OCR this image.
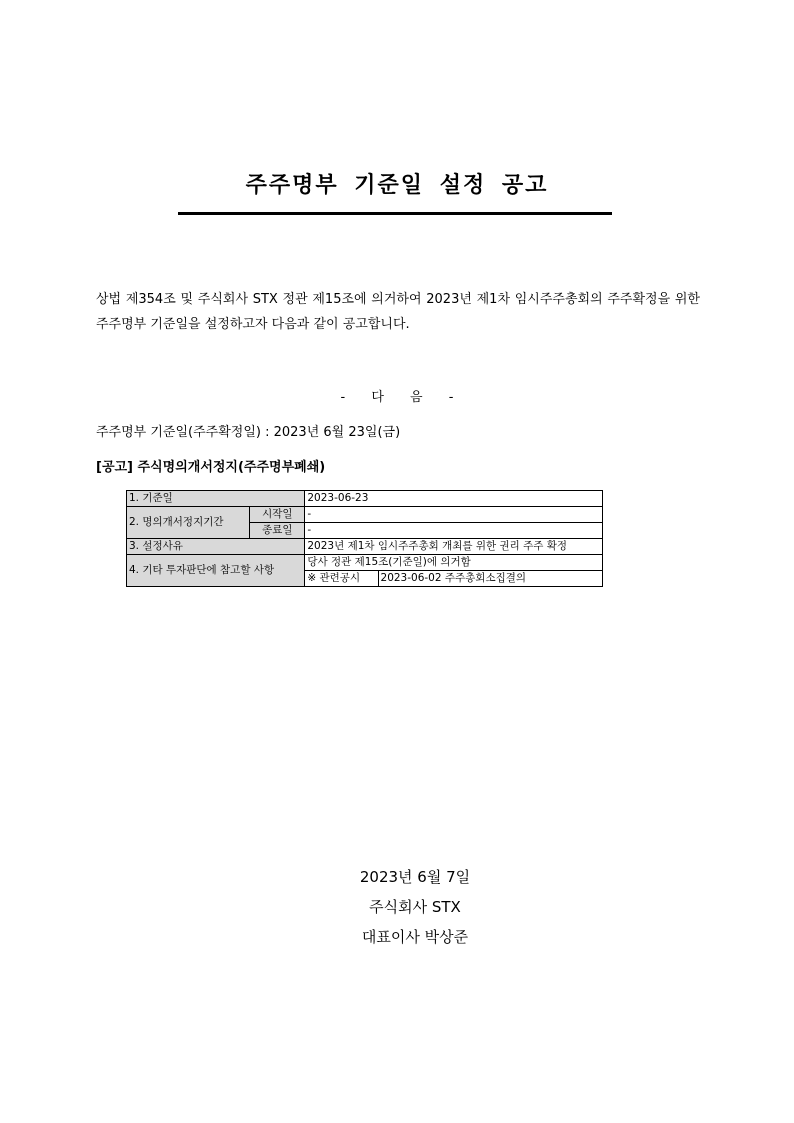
주주명부 기준일 설정 공고
상법 제354조 및 주식회사 STX 정관 제15조에 의거하여 2023년 제1차 임시주주총회의 주주확정을 위한 주주명부 기준일을 설정하고자 다음과 같이 공고합니다.
- 다 음 -
주주명부 기준일(주주확정일) : 2023년 6월 23일(금)
[공고] 주식명의개서정지(주주명부폐쇄)
1. 기준일		2023-06-23	
2. 명의개서정지기간	시작일	-	
	종료일	-	
3. 설정사유		2023년 제1차 임시주주총회 개최를 위한 권리 주주 확정	
4. 기타 투자판단에 참고할 사항		당사 정관 제15조(기준일)에 의거함	
		※ 관련공시	2023-06-02 주주총회소집결의
2023년 6월 7일
주식회사 STX
대표이사 박상준
